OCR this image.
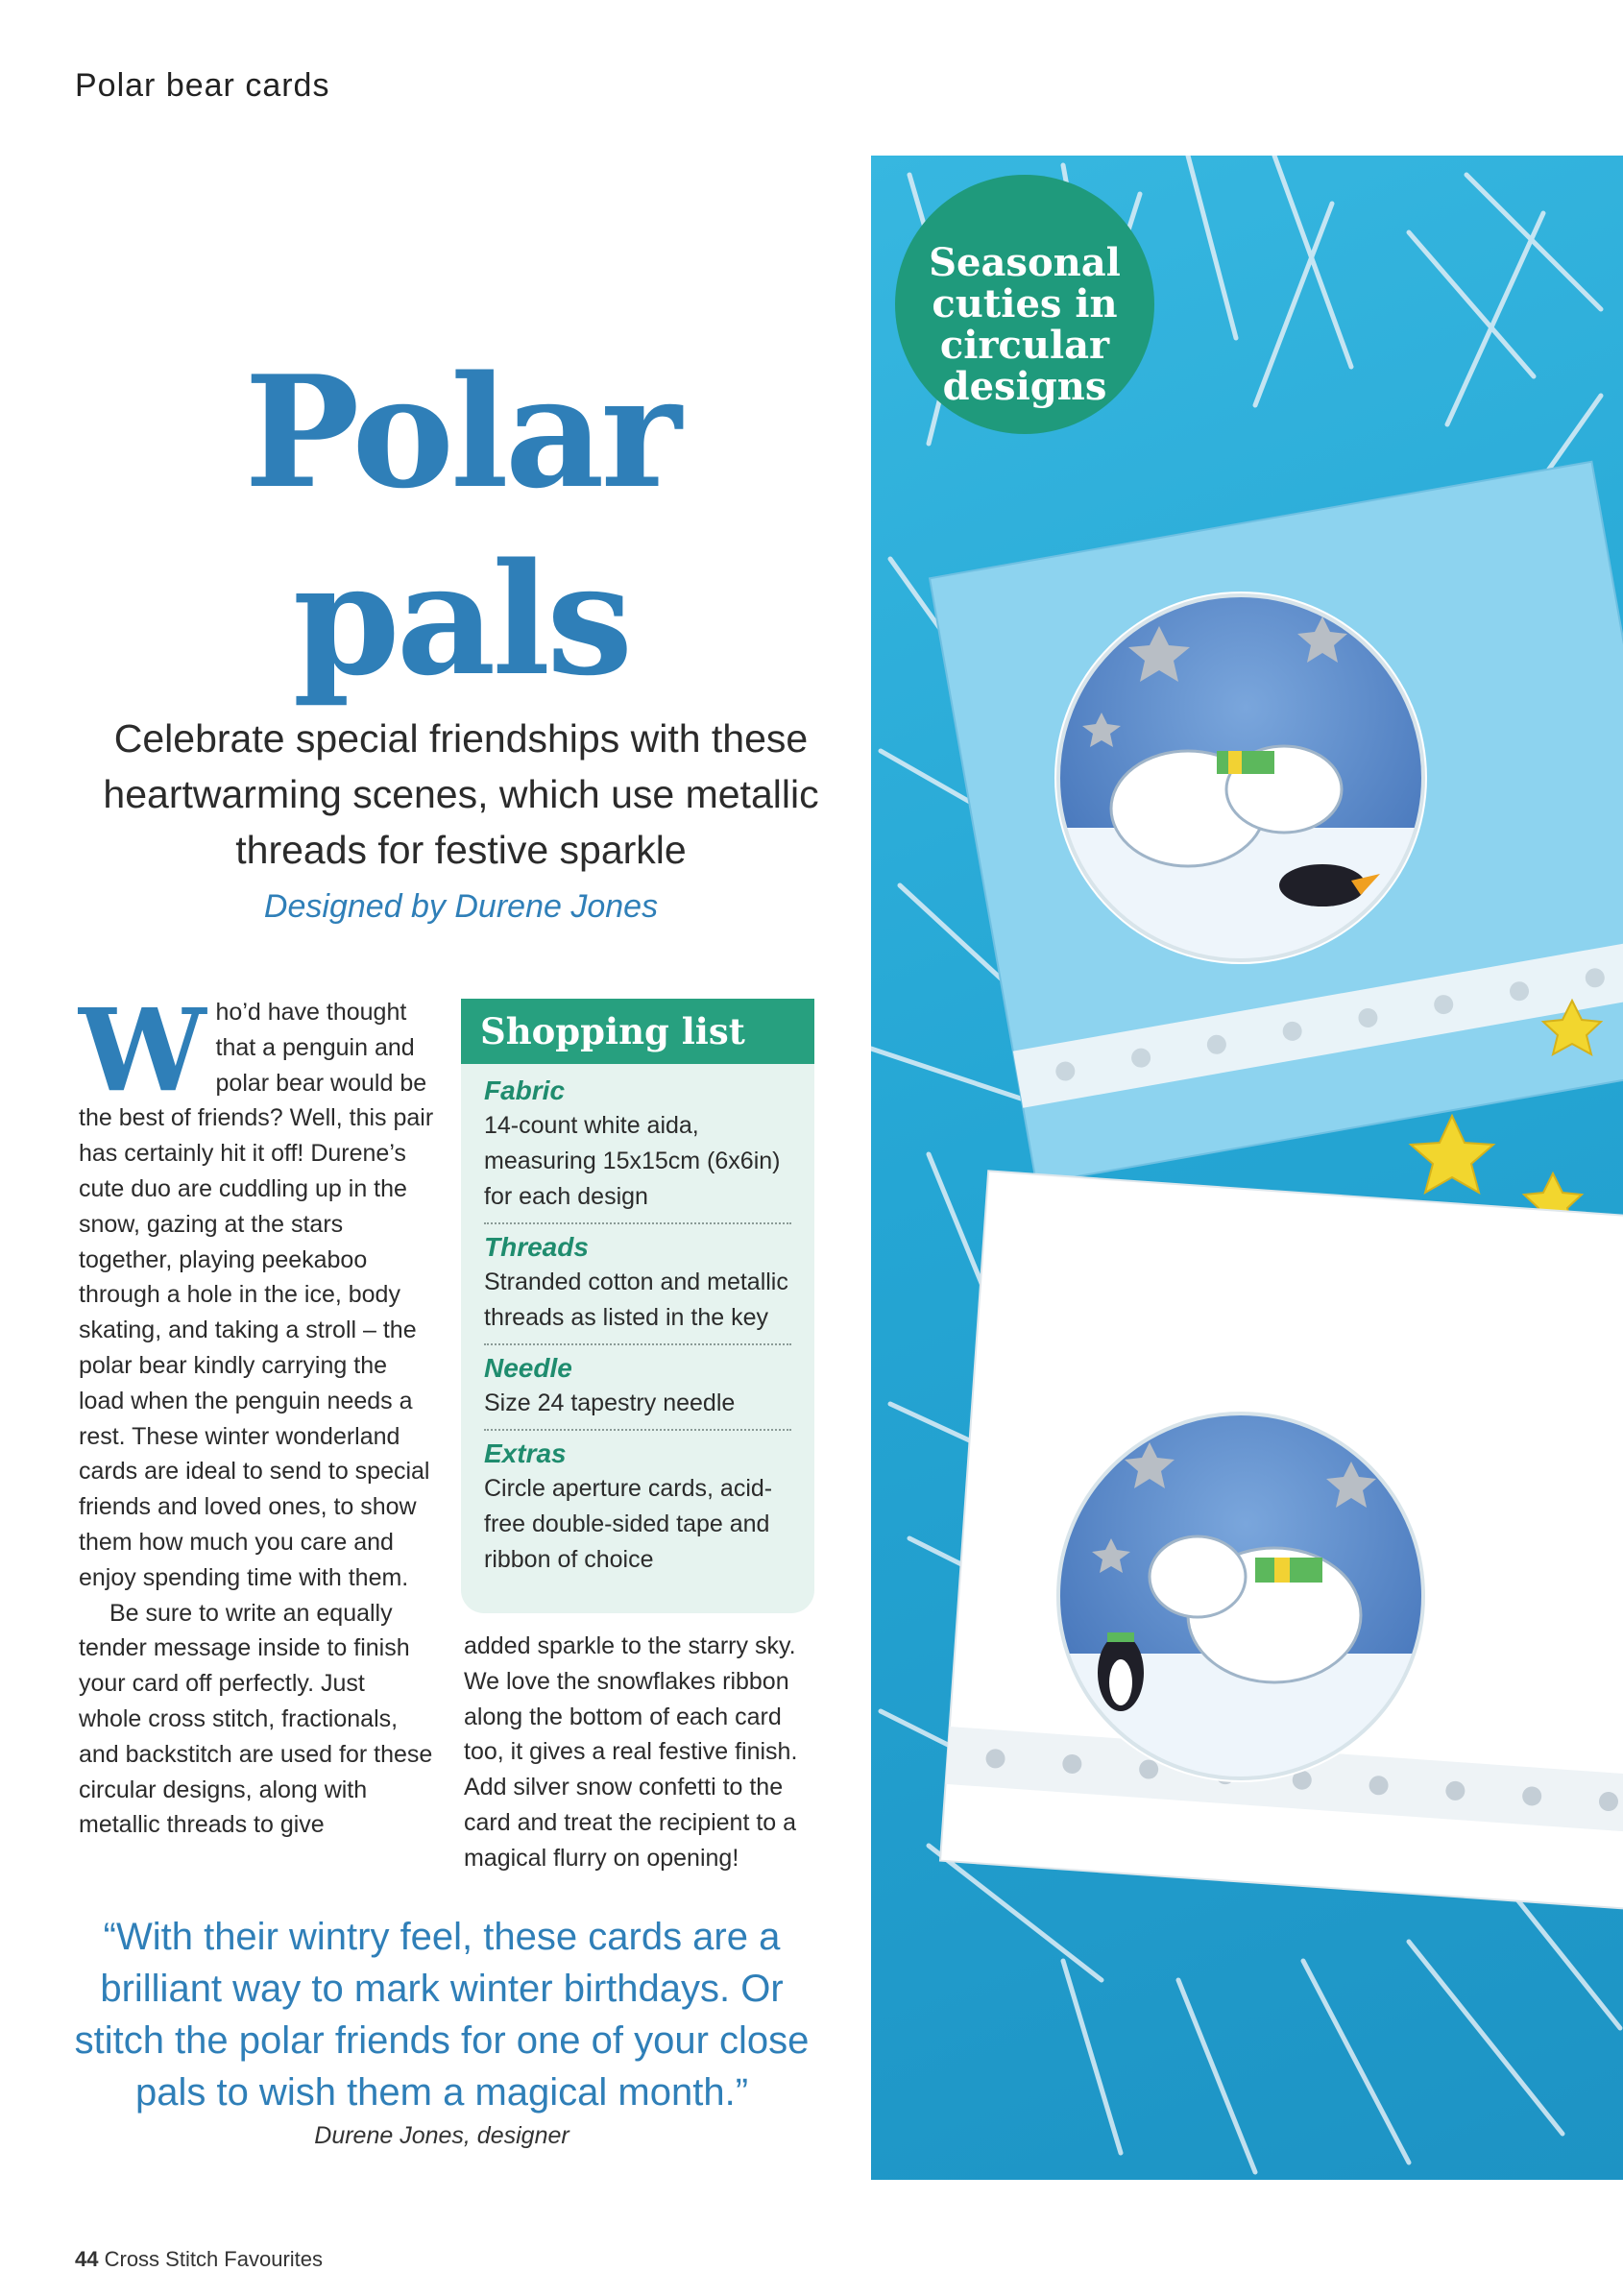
Polar bear cards
Polar
pals
Celebrate special friendships with these heartwarming scenes, which use metallic threads for festive sparkle
Designed by Durene Jones
W ho’d have thought that a penguin and polar bear would be the best of friends? Well, this pair has certainly hit it off! Durene’s cute duo are cuddling up in the snow, gazing at the stars together, playing peekaboo through a hole in the ice, body skating, and taking a stroll – the polar bear kindly carrying the load when the penguin needs a rest. These winter wonderland cards are ideal to send to special friends and loved ones, to show them how much you care and enjoy spending time with them.

Be sure to write an equally tender message inside to finish your card off perfectly. Just whole cross stitch, fractionals, and backstitch are used for these circular designs, along with metallic threads to give

Shopping list
Fabric
14-count white aida, measuring 15x15cm (6x6in) for each design
Threads
Stranded cotton and metallic threads as listed in the key
Needle
Size 24 tapestry needle
Extras
Circle aperture cards, acid-free double-sided tape and ribbon of choice

added sparkle to the starry sky. We love the snowflakes ribbon along the bottom of each card too, it gives a real festive finish. Add silver snow confetti to the card and treat the recipient to a magical flurry on opening!

“With their wintry feel, these cards are a brilliant way to mark winter birthdays. Or stitch the polar friends for one of your close pals to wish them a magical month.”
Durene Jones, designer
44 Cross Stitch Favourites
Seasonal
cuties in
circular
designs
